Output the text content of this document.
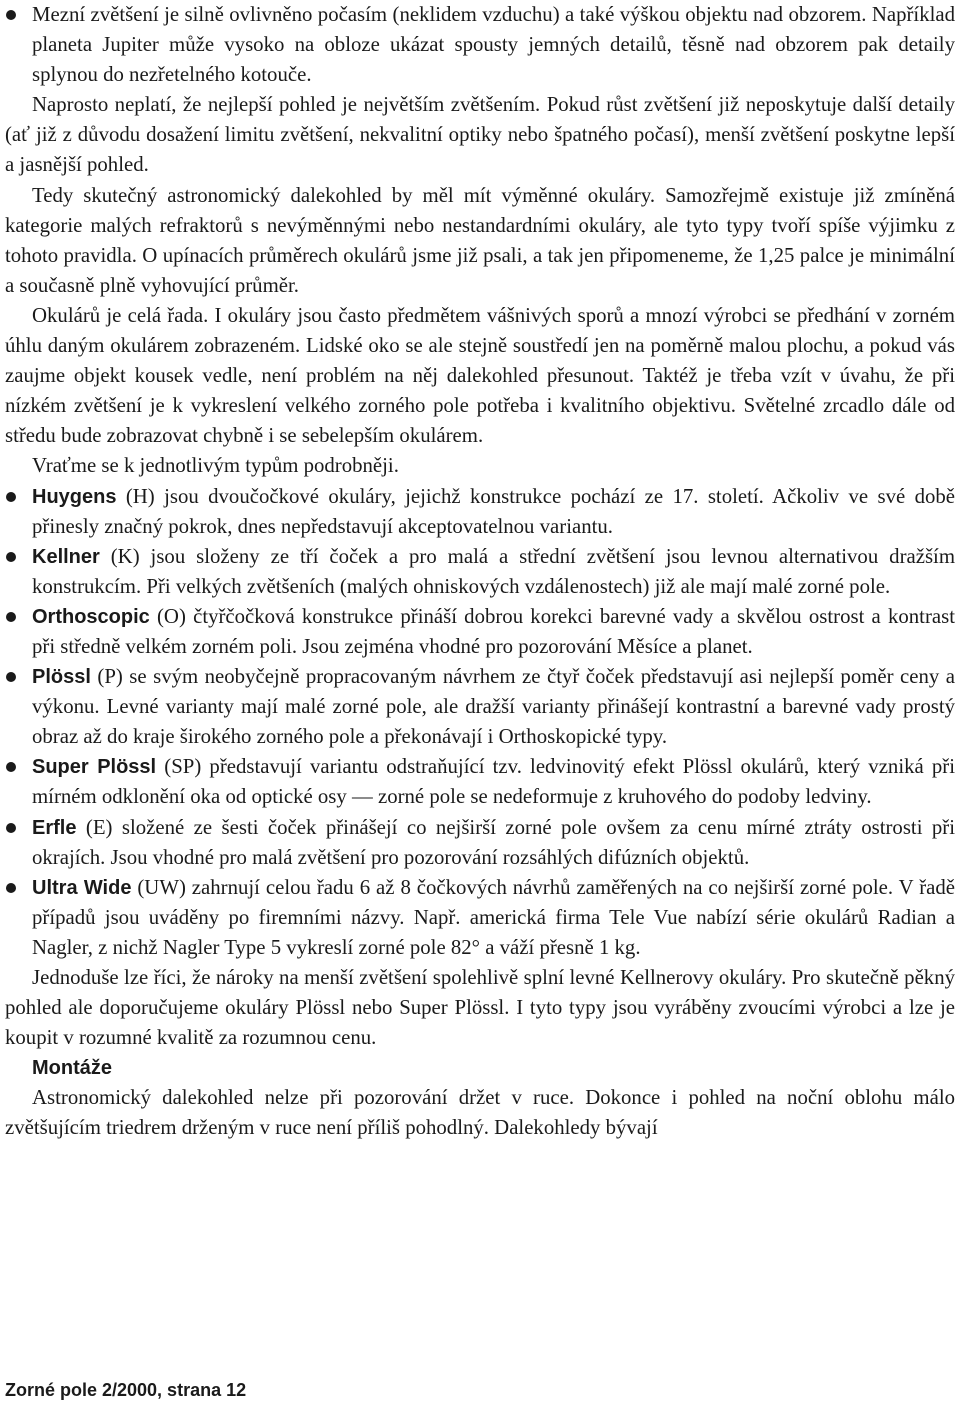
Mezní zvětšení je silně ovlivněno počasím (neklidem vzduchu) a také výškou objektu nad obzorem. Například planeta Jupiter může vysoko na obloze ukázat spousty jemných detailů, těsně nad obzorem pak detaily splynou do nezřetelného kotouče.

Naprosto neplatí, že nejlepší pohled je největším zvětšením. Pokud růst zvětšení již neposkytuje další detaily (ať již z důvodu dosažení limitu zvětšení, nekvalitní optiky nebo špatného počasí), menší zvětšení poskytne lepší a jasnější pohled.

Tedy skutečný astronomický dalekohled by měl mít výměnné okuláry. Samozřejmě existuje již zmíněná kategorie malých refraktorů s nevýměnnými nebo nestandardními okuláry, ale tyto typy tvoří spíše výjimku z tohoto pravidla. O upínacích průměrech okulárů jsme již psali, a tak jen připomeneme, že 1,25 palce je minimální a současně plně vyhovující průměr.

Okulárů je celá řada. I okuláry jsou často předmětem vášnivých sporů a mnozí výrobci se předhání v zorném úhlu daným okulárem zobrazeném. Lidské oko se ale stejně soustředí jen na poměrně malou plochu, a pokud vás zaujme objekt kousek vedle, není problém na něj dalekohled přesunout. Taktéž je třeba vzít v úvahu, že při nízkém zvětšení je k vykreslení velkého zorného pole potřeba i kvalitního objektivu. Světelné zrcadlo dále od středu bude zobrazovat chybně i se sebelepším okulárem.

Vraťme se k jednotlivým typům podrobněji.

Huygens (H) jsou dvoučočkové okuláry, jejichž konstrukce pochází ze 17. století. Ačkoliv ve své době přinesly značný pokrok, dnes nepředstavují akceptovatelnou variantu.

Kellner (K) jsou složeny ze tří čoček a pro malá a střední zvětšení jsou levnou alternativou dražším konstrukcím. Při velkých zvětšeních (malých ohniskových vzdálenostech) již ale mají malé zorné pole.

Orthoscopic (O) čtyřčočková konstrukce přináší dobrou korekci barevné vady a skvělou ostrost a kontrast při středně velkém zorném poli. Jsou zejména vhodné pro pozorování Měsíce a planet.

Plössl (P) se svým neobyčejně propracovaným návrhem ze čtyř čoček představují asi nejlepší poměr ceny a výkonu. Levné varianty mají malé zorné pole, ale dražší varianty přinášejí kontrastní a barevné vady prostý obraz až do kraje širokého zorného pole a překonávají i Orthoskopické typy.

Super Plössl (SP) představují variantu odstraňující tzv. ledvinovitý efekt Plössl okulárů, který vzniká při mírném odklonění oka od optické osy — zorné pole se nedeformuje z kruhového do podoby ledviny.

Erfle (E) složené ze šesti čoček přinášejí co nejširší zorné pole ovšem za cenu mírné ztráty ostrosti při okrajích. Jsou vhodné pro malá zvětšení pro pozorování rozsáhlých difúzních objektů.

Ultra Wide (UW) zahrnují celou řadu 6 až 8 čočkových návrhů zaměřených na co nejširší zorné pole. V řadě případů jsou uváděny po firemními názvy. Např. americká firma Tele Vue nabízí série okulárů Radian a Nagler, z nichž Nagler Type 5 vykreslí zorné pole 82° a váží přesně 1 kg.

Jednoduše lze říci, že nároky na menší zvětšení spolehlivě splní levné Kellnerovy okuláry. Pro skutečně pěkný pohled ale doporučujeme okuláry Plössl nebo Super Plössl. I tyto typy jsou vyráběny zvoucími výrobci a lze je koupit v rozumné kvalitě za rozumnou cenu.

Montáže

Astronomický dalekohled nelze při pozorování držet v ruce. Dokonce i pohled na noční oblohu málo zvětšujícím triedrem drženým v ruce není příliš pohodlný. Dalekohledy bývají

Zorné pole 2/2000, strana 12
